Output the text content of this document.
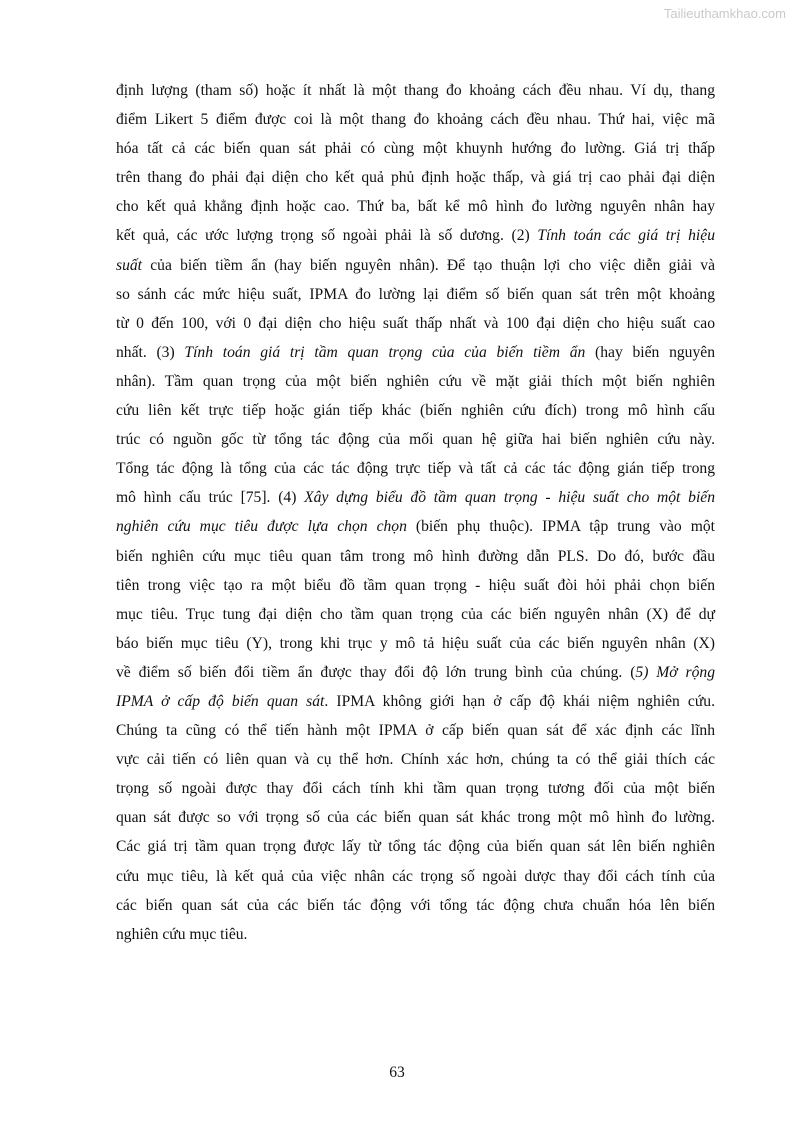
Tailieuthamkhao.com
định lượng (tham số) hoặc ít nhất là một thang đo khoảng cách đều nhau. Ví dụ, thang
điểm Likert 5 điểm được coi là một thang đo khoảng cách đều nhau. Thứ hai, việc mã
hóa tất cả các biến quan sát phải có cùng một khuynh hướng đo lường. Giá trị thấp
trên thang đo phải đại diện cho kết quả phủ định hoặc thấp, và giá trị cao phải đại diện
cho kết quả khẳng định hoặc cao. Thứ ba, bất kể mô hình đo lường nguyên nhân hay
kết quả, các ước lượng trọng số ngoài phải là số dương. (2) Tính toán các giá trị hiệu
suất của biến tiềm ẩn (hay biến nguyên nhân). Để tạo thuận lợi cho việc diễn giải và
so sánh các mức hiệu suất, IPMA đo lường lại điểm số biến quan sát trên một khoảng
từ 0 đến 100, với 0 đại diện cho hiệu suất thấp nhất và 100 đại diện cho hiệu suất cao
nhất. (3) Tính toán giá trị tầm quan trọng của của biến tiềm ẩn (hay biến nguyên
nhân). Tầm quan trọng của một biến nghiên cứu về mặt giải thích một biến nghiên
cứu liên kết trực tiếp hoặc gián tiếp khác (biến nghiên cứu đích) trong mô hình cấu
trúc có nguồn gốc từ tổng tác động của mối quan hệ giữa hai biến nghiên cứu này.
Tổng tác động là tổng của các tác động trực tiếp và tất cả các tác động gián tiếp trong
mô hình cấu trúc [75]. (4) Xây dựng biểu đồ tầm quan trọng - hiệu suất cho một biến
nghiên cứu mục tiêu được lựa chọn chọn (biến phụ thuộc). IPMA tập trung vào một
biến nghiên cứu mục tiêu quan tâm trong mô hình đường dẫn PLS. Do đó, bước đầu
tiên trong việc tạo ra một biểu đồ tầm quan trọng - hiệu suất đòi hỏi phải chọn biến
mục tiêu. Trục tung đại diện cho tầm quan trọng của các biến nguyên nhân (X) để dự
báo biến mục tiêu (Y), trong khi trục y mô tả hiệu suất của các biến nguyên nhân (X)
về điểm số biến đổi tiềm ẩn được thay đổi độ lớn trung bình của chúng. (5) Mở rộng
IPMA ở cấp độ biến quan sát. IPMA không giới hạn ở cấp độ khái niệm nghiên cứu.
Chúng ta cũng có thể tiến hành một IPMA ở cấp biến quan sát để xác định các lĩnh
vực cải tiến có liên quan và cụ thể hơn. Chính xác hơn, chúng ta có thể giải thích các
trọng số ngoài được thay đổi cách tính khi tầm quan trọng tương đối của một biến
quan sát được so với trọng số của các biến quan sát khác trong một mô hình đo lường.
Các giá trị tầm quan trọng được lấy từ tổng tác động của biến quan sát lên biến nghiên
cứu mục tiêu, là kết quả của việc nhân các trọng số ngoài dược thay đổi cách tính của
các biến quan sát của các biến tác động với tổng tác động chưa chuẩn hóa lên biến
nghiên cứu mục tiêu.
63
